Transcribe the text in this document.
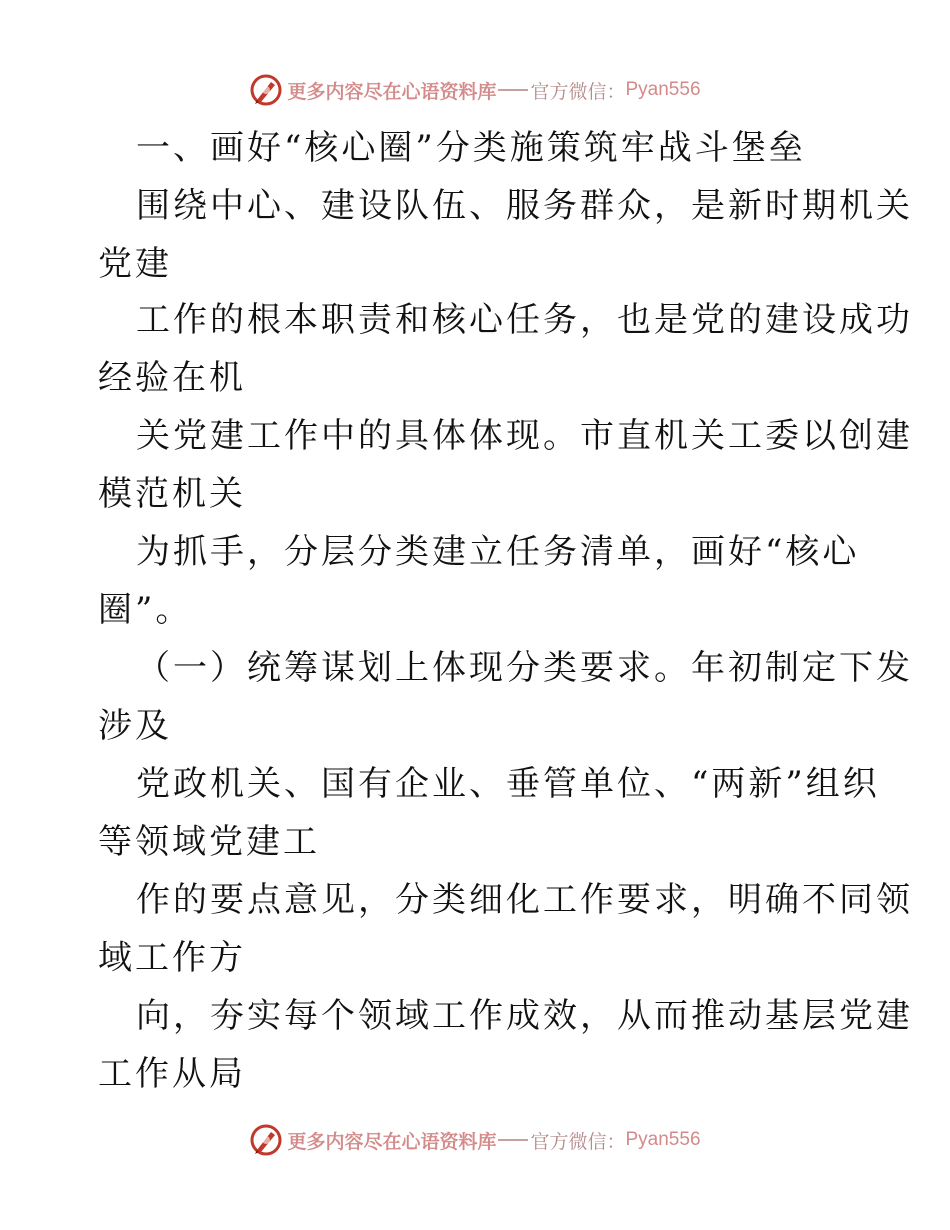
更多内容尽在心语资料库 官方微信： Pyan556
一、画好“核心圈”分类施策筑牢战斗堡垒
围绕中心、建设队伍、服务群众，是新时期机关
党建
工作的根本职责和核心任务，也是党的建设成功
经验在机
关党建工作中的具体体现。市直机关工委以创建
模范机关
为抓手，分层分类建立任务清单，画好“核心
圈”。
（一）统筹谋划上体现分类要求。年初制定下发
涉及
党政机关、国有企业、垂管单位、“两新”组织
等领域党建工
作的要点意见，分类细化工作要求，明确不同领
域工作方
向，夯实每个领域工作成效，从而推动基层党建
工作从局
更多内容尽在心语资料库 官方微信： Pyan556
